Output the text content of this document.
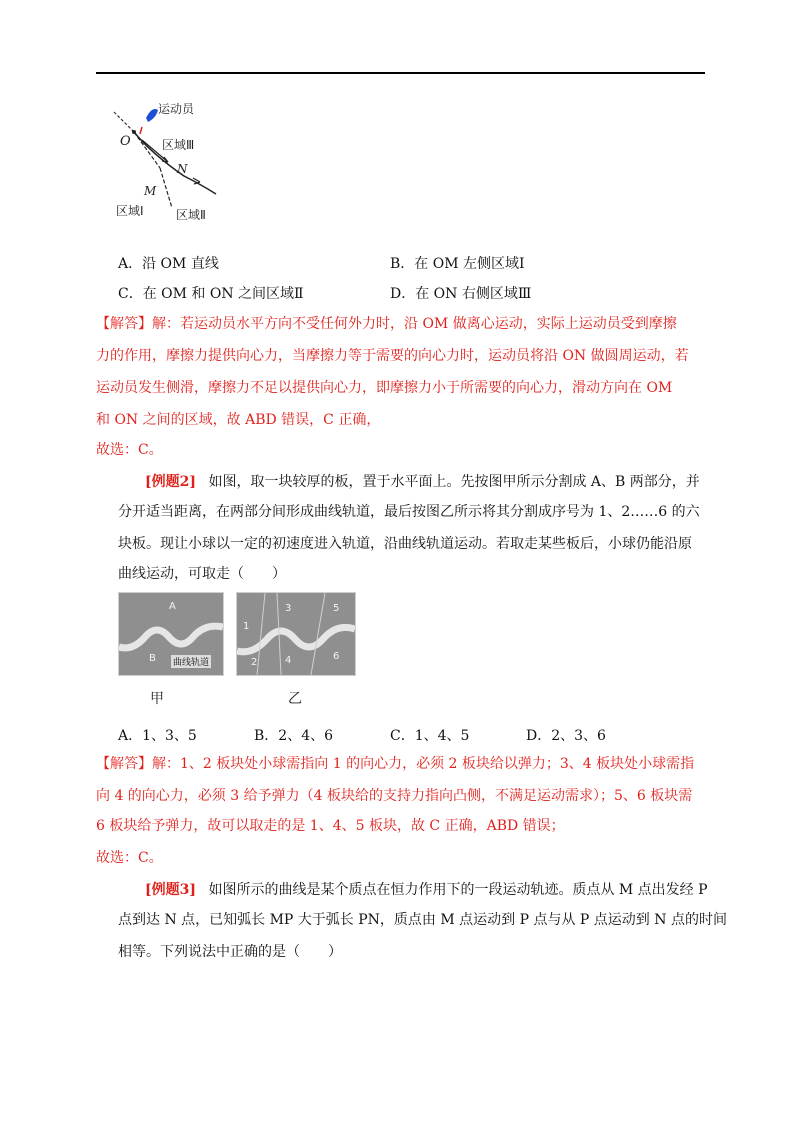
运动员
O	区域Ⅲ
N
M
区域Ⅰ	区域Ⅱ
A．沿 OM 直线	B．在 OM 左侧区域Ⅰ
C．在 OM 和 ON 之间区域Ⅱ	D．在 ON 右侧区域Ⅲ
【解答】解：若运动员水平方向不受任何外力时，沿 OM 做离心运动，实际上运动员受到摩擦
力的作用，摩擦力提供向心力，当摩擦力等于需要的向心力时，运动员将沿 ON 做圆周运动，若
运动员发生侧滑，摩擦力不足以提供向心力，即摩擦力小于所需要的向心力，滑动方向在 OM
和 ON 之间的区域，故 ABD 错误，C 正确，
故选：C。
[例题2] 如图，取一块较厚的板，置于水平面上。先按图甲所示分割成 A、B 两部分，并
分开适当距离，在两部分间形成曲线轨道，最后按图乙所示将其分割成序号为 1、2……6 的六
块板。现让小球以一定的初速度进入轨道，沿曲线轨道运动。若取走某些板后，小球仍能沿原
曲线运动，可取走（　　）
A
B 曲线轨道
甲
1
2
3
4
5
6
乙
A．1、3、5	B．2、4、6	C．1、4、5	D．2、3、6
【解答】解：1、2 板块处小球需指向 1 的向心力，必须 2 板块给以弹力；3、4 板块处小球需指
向 4 的向心力，必须 3 给予弹力（4 板块给的支持力指向凸侧，不满足运动需求）；5、6 板块需
6 板块给予弹力，故可以取走的是 1、4、5 板块，故 C 正确，ABD 错误；
故选：C。
[例题3] 如图所示的曲线是某个质点在恒力作用下的一段运动轨迹。质点从 M 点出发经 P
点到达 N 点，已知弧长 MP 大于弧长 PN，质点由 M 点运动到 P 点与从 P 点运动到 N 点的时间
相等。下列说法中正确的是（　　）
